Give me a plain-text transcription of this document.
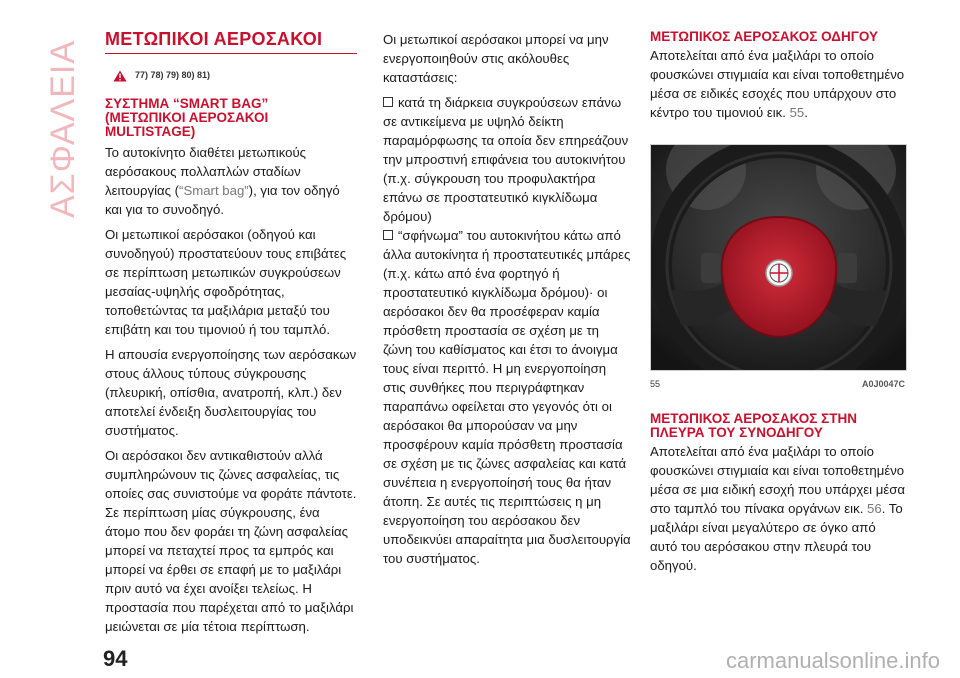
ΑΣΦΑΛΕΙΑ
ΜΕΤΩΠΙΚΟΙ ΑΕΡΟΣΑΚΟΙ
77) 78) 79) 80) 81)
ΣΥΣΤΗΜΑ “SMART BAG”
(ΜΕΤΩΠΙΚΟΙ ΑΕΡΟΣΑΚΟΙ
MULTISTAGE)

Το αυτοκίνητο διαθέτει μετωπικούς αερόσακους πολλαπλών σταδίων λειτουργίας (“Smart bag”), για τον οδηγό και για το συνοδηγό.

Οι μετωπικοί αερόσακοι (οδηγού και συνοδηγού) προστατεύουν τους επιβάτες σε περίπτωση μετωπικών συγκρούσεων μεσαίας-υψηλής σφοδρότητας, τοποθετώντας τα μαξιλάρια μεταξύ του επιβάτη και του τιμονιού ή του ταμπλό.

Η απουσία ενεργοποίησης των αερόσακων στους άλλους τύπους σύγκρουσης (πλευρική, οπίσθια, ανατροπή, κλπ.) δεν αποτελεί ένδειξη δυσλειτουργίας του συστήματος.

Οι αερόσακοι δεν αντικαθιστούν αλλά συμπληρώνουν τις ζώνες ασφαλείας, τις οποίες σας συνιστούμε να φοράτε πάντοτε. Σε περίπτωση μίας σύγκρουσης, ένα άτομο που δεν φοράει τη ζώνη ασφαλείας μπορεί να πεταχτεί προς τα εμπρός και μπορεί να έρθει σε επαφή με το μαξιλάρι πριν αυτό να έχει ανοίξει τελείως. Η προστασία που παρέχεται από το μαξιλάρι μειώνεται σε μία τέτοια περίπτωση.

Οι μετωπικοί αερόσακοι μπορεί να μην ενεργοποιηθούν στις ακόλουθες καταστάσεις:

κατά τη διάρκεια συγκρούσεων επάνω σε αντικείμενα με υψηλό δείκτη παραμόρφωσης τα οποία δεν επηρεάζουν την μπροστινή επιφάνεια του αυτοκινήτου (π.χ. σύγκρουση του προφυλακτήρα επάνω σε προστατευτικό κιγκλίδωμα δρόμου)

“σφήνωμα” του αυτοκινήτου κάτω από άλλα αυτοκίνητα ή προστατευτικές μπάρες (π.χ. κάτω από ένα φορτηγό ή προστατευτικό κιγκλίδωμα δρόμου)· οι αερόσακοι δεν θα προσέφεραν καμία πρόσθετη προστασία σε σχέση με τη ζώνη του καθίσματος και έτσι το άνοιγμα τους είναι περιττό. Η μη ενεργοποίηση στις συνθήκες που περιγράφτηκαν παραπάνω οφείλεται στο γεγονός ότι οι αερόσακοι θα μπορούσαν να μην προσφέρουν καμία πρόσθετη προστασία σε σχέση με τις ζώνες ασφαλείας και κατά συνέπεια η ενεργοποίησή τους θα ήταν άτοπη. Σε αυτές τις περιπτώσεις η μη ενεργοποίηση του αερόσακου δεν υποδεικνύει απαραίτητα μια δυσλειτουργία του συστήματος.

ΜΕΤΩΠΙΚΟΣ ΑΕΡΟΣΑΚΟΣ ΟΔΗΓΟΥ

Αποτελείται από ένα μαξιλάρι το οποίο φουσκώνει στιγμιαία και είναι τοποθετημένο μέσα σε ειδικές εσοχές που υπάρχουν στο κέντρο του τιμονιού εικ. 55.

55	A0J0047C
ΜΕΤΩΠΙΚΟΣ ΑΕΡΟΣΑΚΟΣ ΣΤΗΝ
ΠΛΕΥΡΑ ΤΟΥ ΣΥΝΟΔΗΓΟΥ

Αποτελείται από ένα μαξιλάρι το οποίο φουσκώνει στιγμιαία και είναι τοποθετημένο μέσα σε μια ειδική εσοχή που υπάρχει μέσα στο ταμπλό του πίνακα οργάνων εικ. 56. Το μαξιλάρι είναι μεγαλύτερο σε όγκο από αυτό του αερόσακου στην πλευρά του οδηγού.

94	carmanualsonline.info
